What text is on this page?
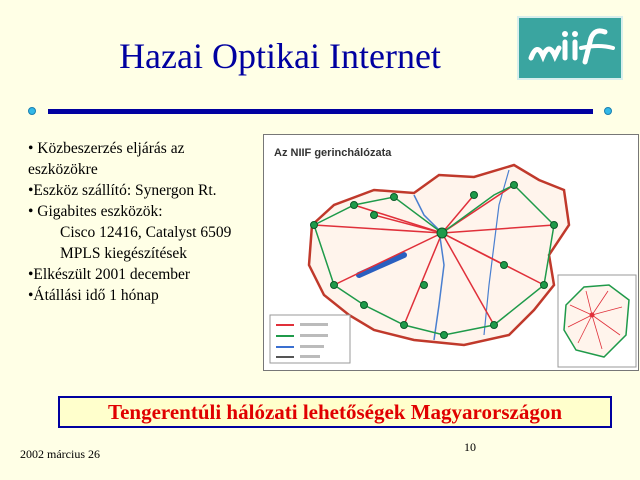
Hazai Optikai Internet
• Közbeszerzés eljárás az
eszközökre
•Eszköz szállító: Synergon Rt.
• Gigabites eszközök:
Cisco 12416, Catalyst 6509
MPLS kiegészítések
•Elkészült 2001 december
•Átállási idő 1 hónap
Az NIIF gerinchálózata
Tengerentúli hálózati lehetőségek Magyarországon
2002 március 26	10
